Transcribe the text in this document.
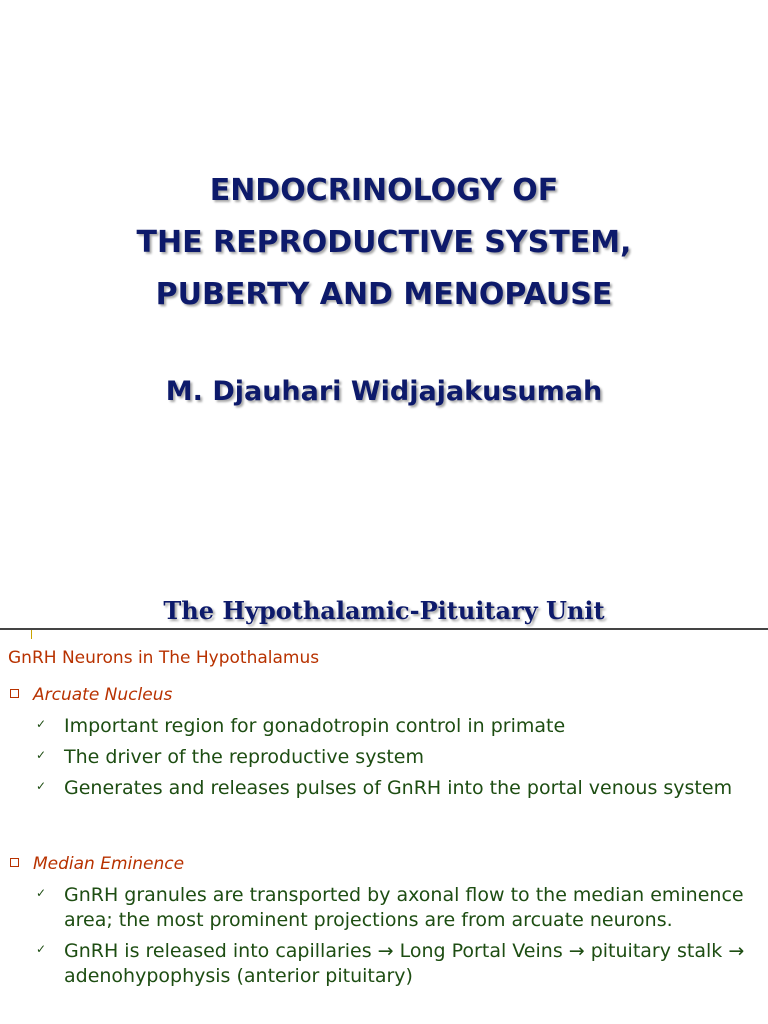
ENDOCRINOLOGY OF
THE REPRODUCTIVE SYSTEM,
PUBERTY AND MENOPAUSE
M. Djauhari Widjajakusumah
The Hypothalamic-Pituitary Unit
GnRH Neurons in The Hypothalamus
Arcuate Nucleus
✓ Important region for gonadotropin control in primate
✓ The driver of the reproductive system
✓ Generates and releases pulses of GnRH into the portal venous system
Median Eminence
✓ GnRH granules are transported by axonal flow to the median eminence area; the most prominent projections are from arcuate neurons.
✓ GnRH is released into capillaries → Long Portal Veins → pituitary stalk → adenohypophysis (anterior pituitary)
